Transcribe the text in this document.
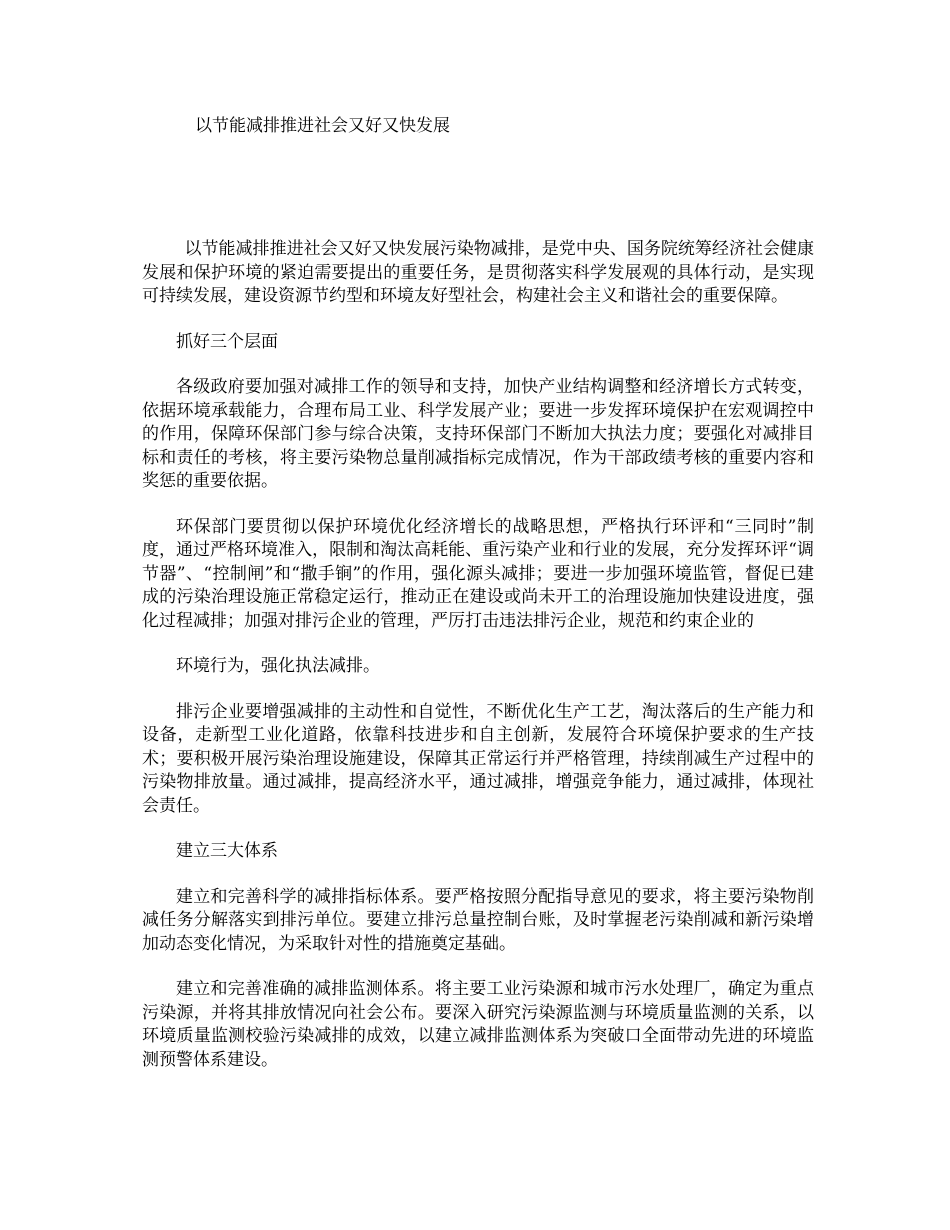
以节能减排推进社会又好又快发展

以节能减排推进社会又好又快发展污染物减排，是党中央、国务院统筹经济社会健康发展和保护环境的紧迫需要提出的重要任务，是贯彻落实科学发展观的具体行动，是实现可持续发展，建设资源节约型和环境友好型社会，构建社会主义和谐社会的重要保障。

抓好三个层面

各级政府要加强对减排工作的领导和支持，加快产业结构调整和经济增长方式转变，依据环境承载能力，合理布局工业、科学发展产业；要进一步发挥环境保护在宏观调控中的作用，保障环保部门参与综合决策，支持环保部门不断加大执法力度；要强化对减排目标和责任的考核，将主要污染物总量削减指标完成情况，作为干部政绩考核的重要内容和奖惩的重要依据。

环保部门要贯彻以保护环境优化经济增长的战略思想，严格执行环评和“三同时”制度，通过严格环境准入，限制和淘汰高耗能、重污染产业和行业的发展，充分发挥环评“调节器”、“控制闸”和“撒手锏”的作用，强化源头减排；要进一步加强环境监管，督促已建成的污染治理设施正常稳定运行，推动正在建设或尚未开工的治理设施加快建设进度，强化过程减排；加强对排污企业的管理，严厉打击违法排污企业，规范和约束企业的

环境行为，强化执法减排。

排污企业要增强减排的主动性和自觉性，不断优化生产工艺，淘汰落后的生产能力和设备，走新型工业化道路，依靠科技进步和自主创新，发展符合环境保护要求的生产技术；要积极开展污染治理设施建设，保障其正常运行并严格管理，持续削减生产过程中的污染物排放量。通过减排，提高经济水平，通过减排，增强竞争能力，通过减排，体现社会责任。

建立三大体系

建立和完善科学的减排指标体系。要严格按照分配指导意见的要求，将主要污染物削减任务分解落实到排污单位。要建立排污总量控制台账，及时掌握老污染削减和新污染增加动态变化情况，为采取针对性的措施奠定基础。

建立和完善准确的减排监测体系。将主要工业污染源和城市污水处理厂，确定为重点污染源，并将其排放情况向社会公布。要深入研究污染源监测与环境质量监测的关系，以环境质量监测校验污染减排的成效，以建立减排监测体系为突破口全面带动先进的环境监测预警体系建设。
